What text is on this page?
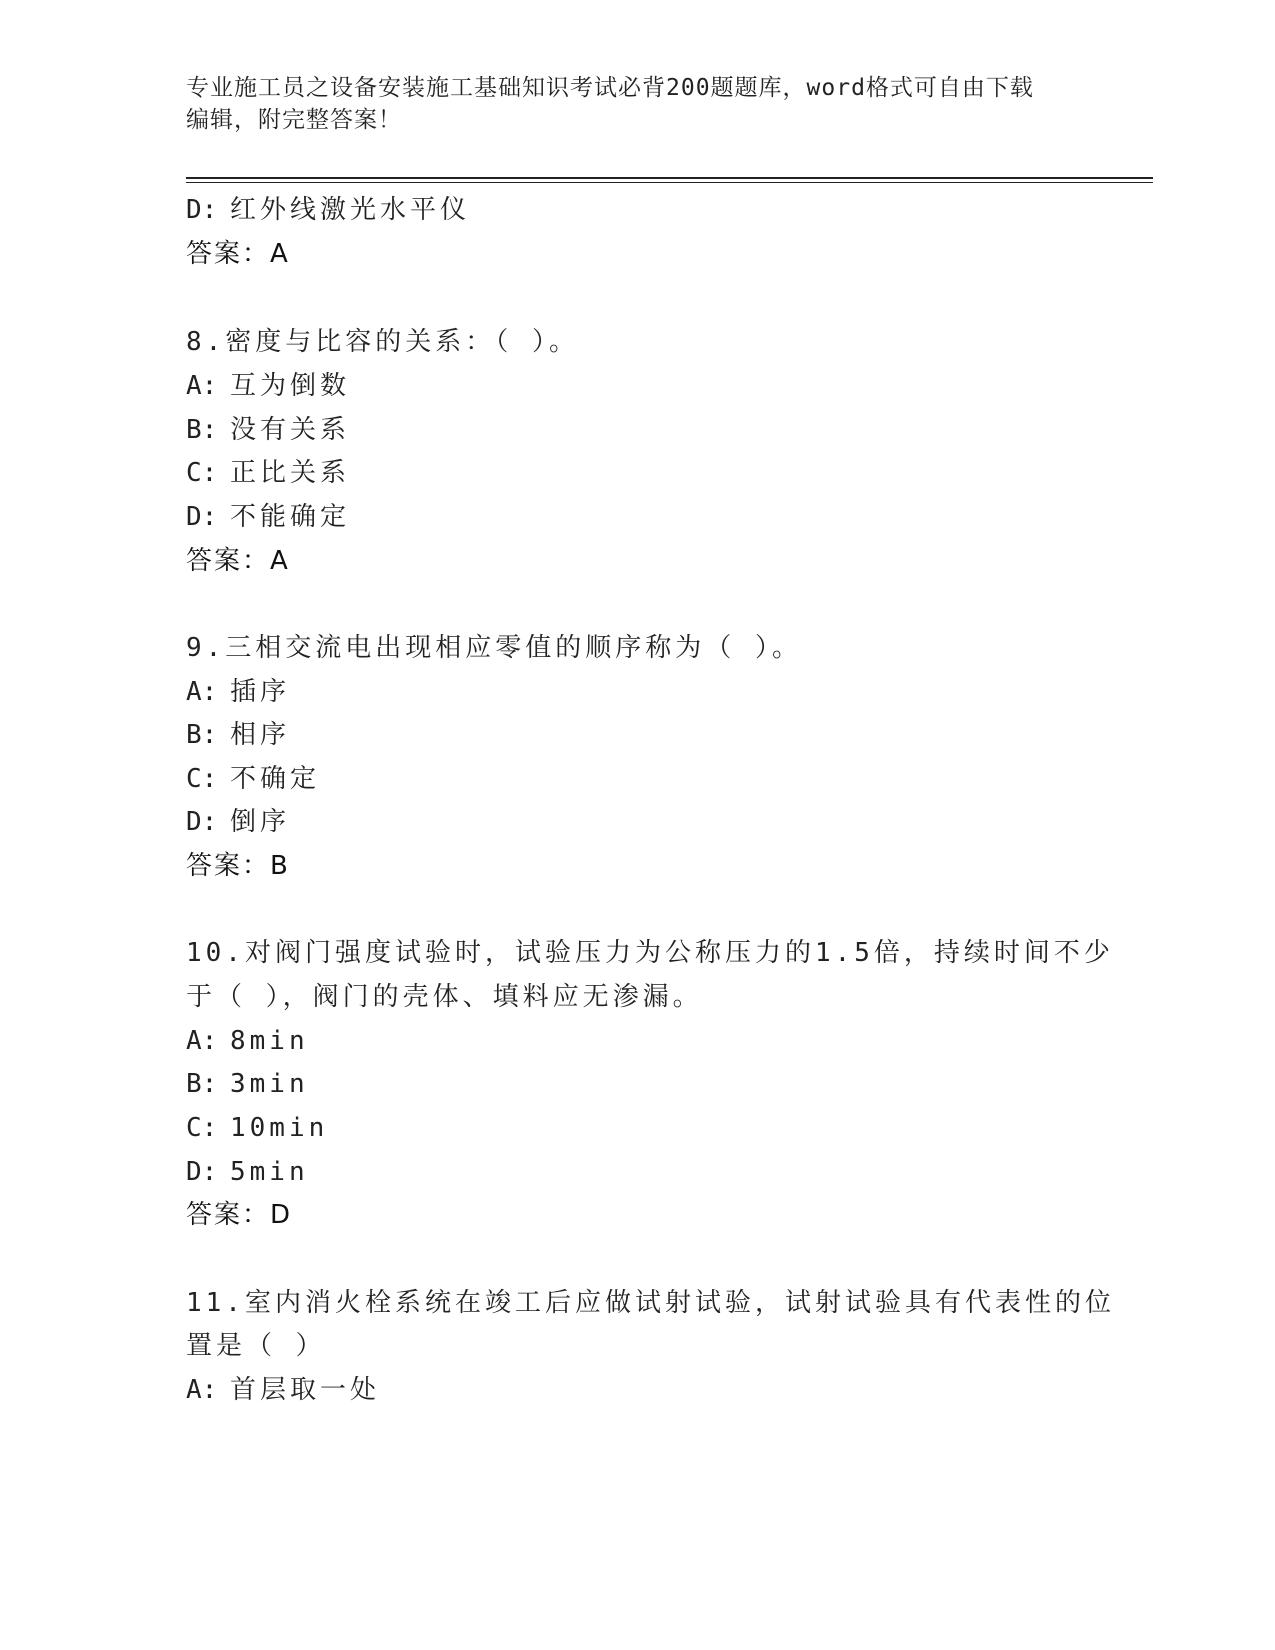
专业施工员之设备安装施工基础知识考试必背200题题库，word格式可自由下载
编辑，附完整答案！
D: 红外线激光水平仪
答案：A
8.密度与比容的关系：（ ）。
A: 互为倒数
B: 没有关系
C: 正比关系
D: 不能确定
答案：A
9.三相交流电出现相应零值的顺序称为（ ）。
A: 插序
B: 相序
C: 不确定
D: 倒序
答案：B
10.对阀门强度试验时，试验压力为公称压力的1.5倍，持续时间不少
于（ ），阀门的壳体、填料应无渗漏。
A: 8min
B: 3min
C: 10min
D: 5min
答案：D
11.室内消火栓系统在竣工后应做试射试验，试射试验具有代表性的位
置是（ ）
A: 首层取一处
